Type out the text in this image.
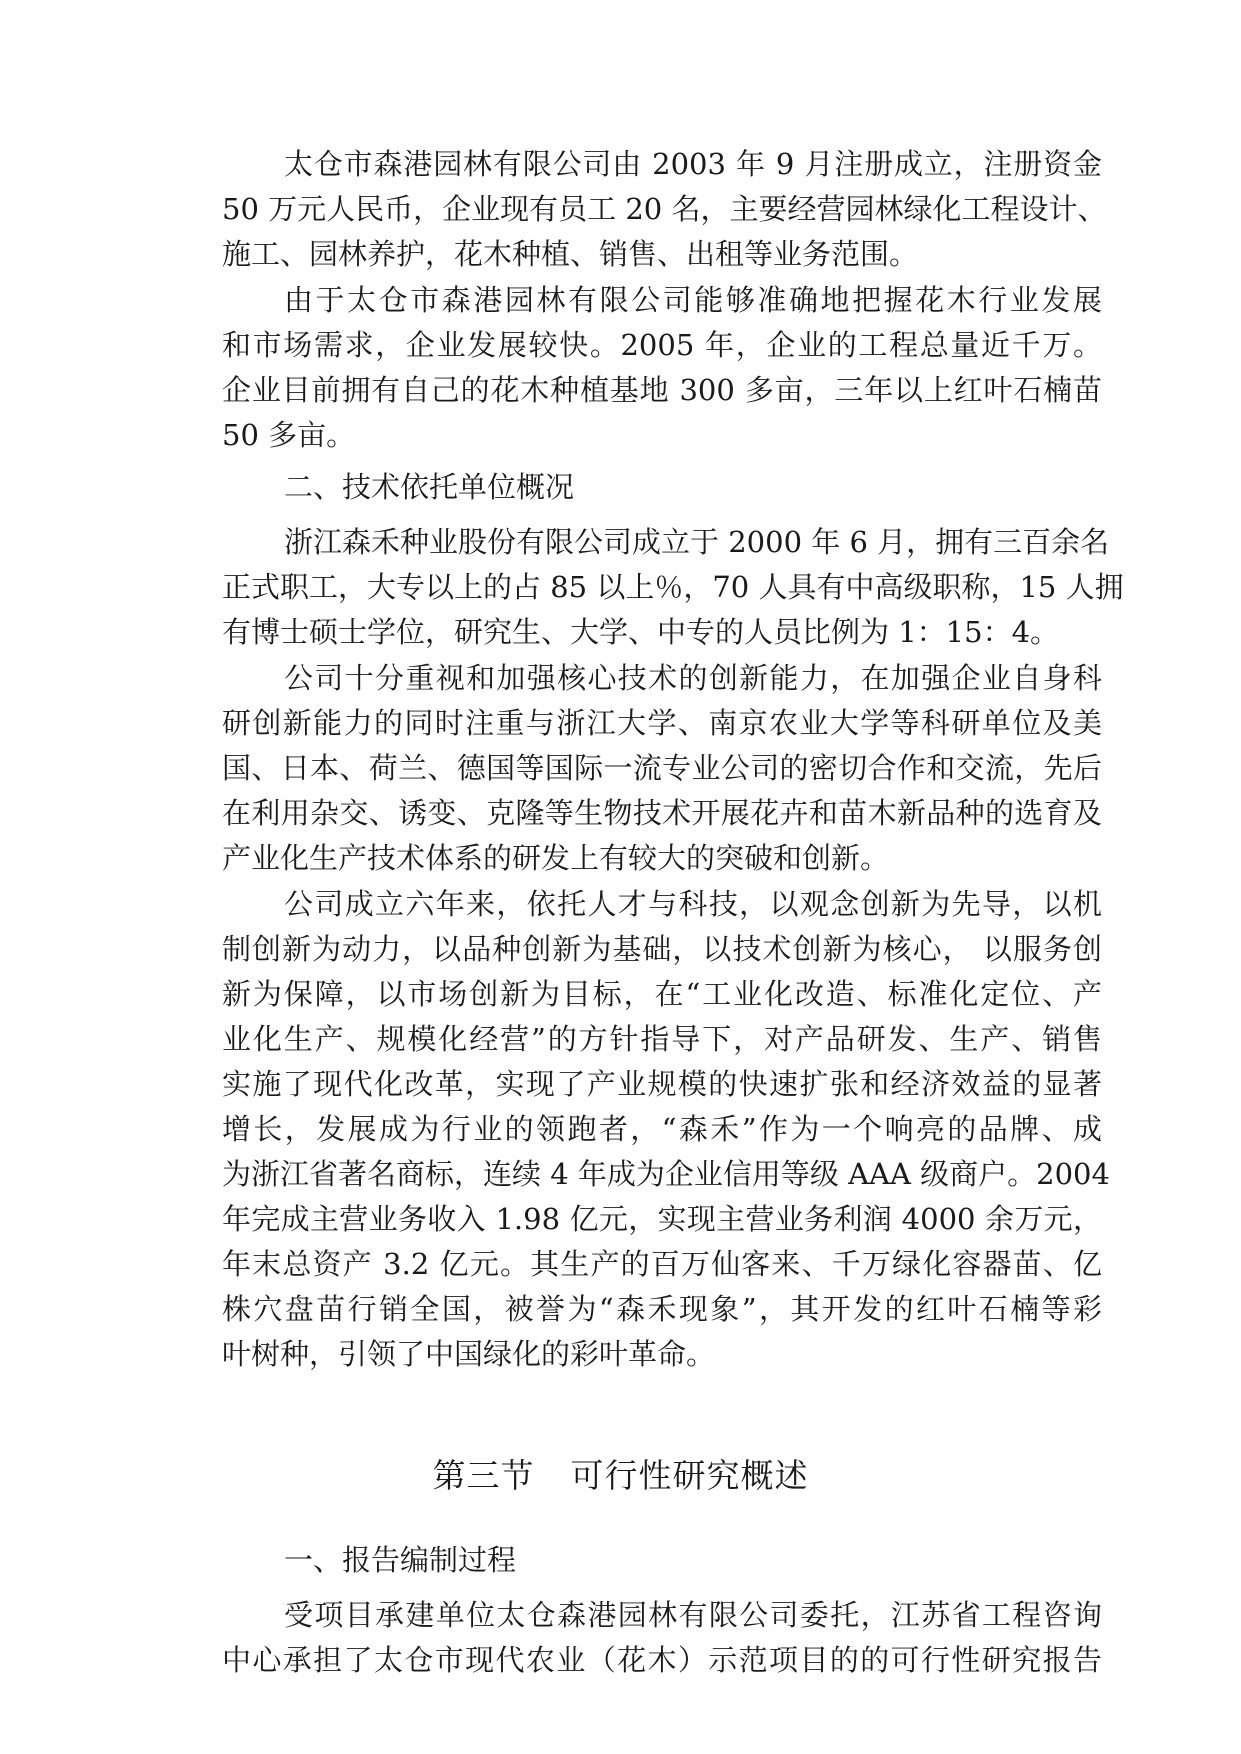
太仓市森港园林有限公司由 2003 年 9 月注册成立，注册资金
50 万元人民币，企业现有员工 20 名，主要经营园林绿化工程设计、
施工、园林养护，花木种植、销售、出租等业务范围。
由于太仓市森港园林有限公司能够准确地把握花木行业发展
和市场需求，企业发展较快。2005 年，企业的工程总量近千万。
企业目前拥有自己的花木种植基地 300 多亩，三年以上红叶石楠苗
50 多亩。
二、技术依托单位概况
浙江森禾种业股份有限公司成立于 2000 年 6 月，拥有三百余名
正式职工，大专以上的占 85 以上％，70 人具有中高级职称，15 人拥
有博士硕士学位，研究生、大学、中专的人员比例为 1：15：4。
公司十分重视和加强核心技术的创新能力，在加强企业自身科
研创新能力的同时注重与浙江大学、南京农业大学等科研单位及美
国、日本、荷兰、德国等国际一流专业公司的密切合作和交流，先后
在利用杂交、诱变、克隆等生物技术开展花卉和苗木新品种的选育及
产业化生产技术体系的研发上有较大的突破和创新。
公司成立六年来，依托人才与科技，以观念创新为先导，以机
制创新为动力，以品种创新为基础，以技术创新为核心， 以服务创
新为保障，以市场创新为目标，在“工业化改造、标准化定位、产
业化生产、规模化经营”的方针指导下，对产品研发、生产、销售
实施了现代化改革，实现了产业规模的快速扩张和经济效益的显著
增长，发展成为行业的领跑者，“森禾”作为一个响亮的品牌、成
为浙江省著名商标，连续 4 年成为企业信用等级 AAA 级商户。2004
年完成主营业务收入 1.98 亿元，实现主营业务利润 4000 余万元，
年末总资产 3.2 亿元。其生产的百万仙客来、千万绿化容器苗、亿
株穴盘苗行销全国，被誉为“森禾现象”，其开发的红叶石楠等彩
叶树种，引领了中国绿化的彩叶革命。
第三节 可行性研究概述
一、报告编制过程
受项目承建单位太仓森港园林有限公司委托，江苏省工程咨询
中心承担了太仓市现代农业（花木）示范项目的的可行性研究报告
